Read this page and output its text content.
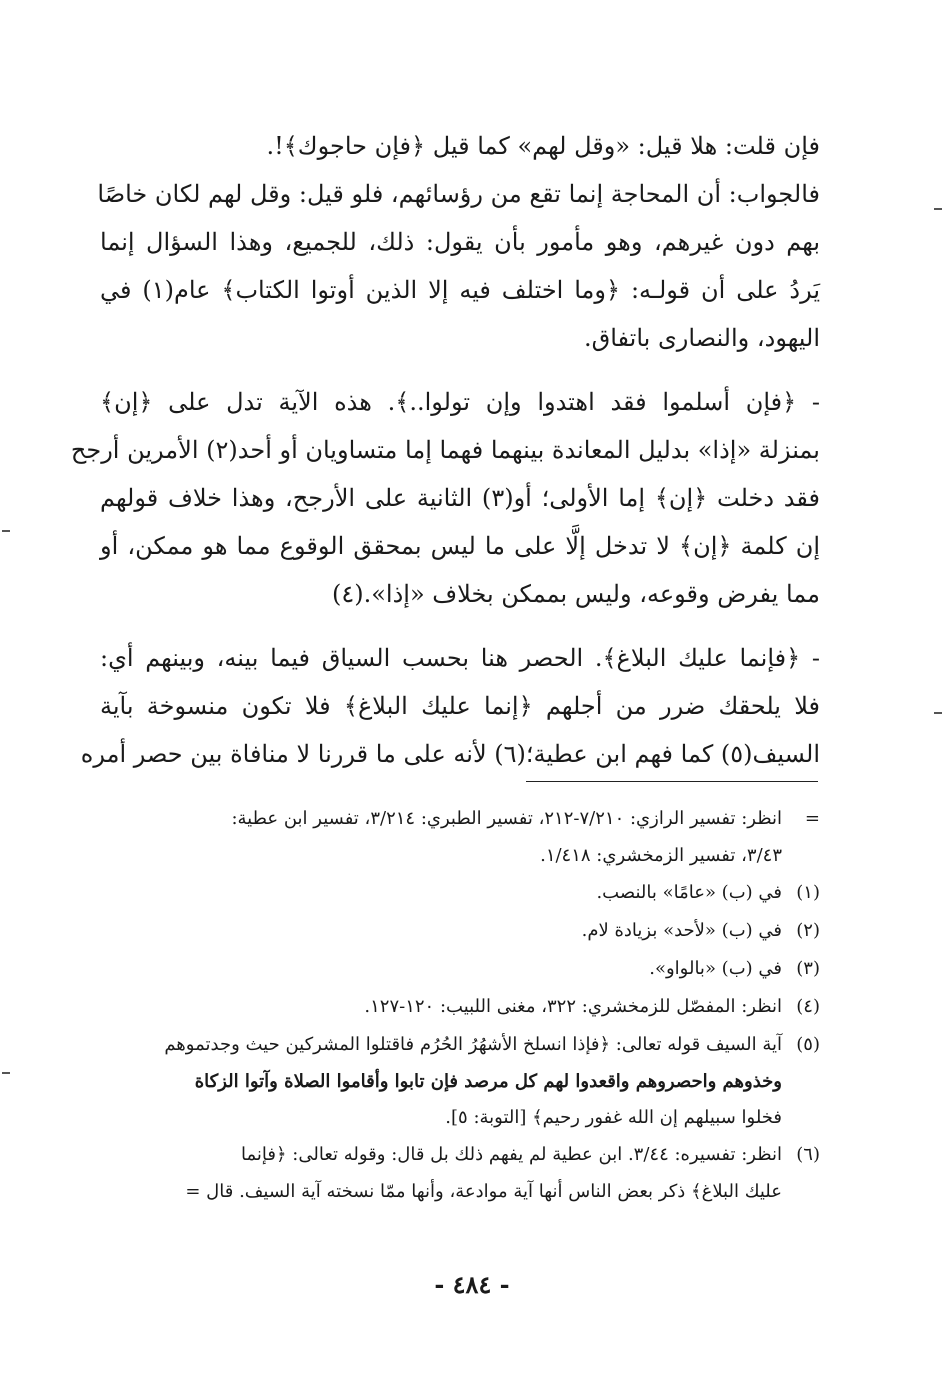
فإن قلت: هلا قيل: «وقل لهم» كما قيل ﴿فإن حاجوك﴾!.
فالجواب: أن المحاجة إنما تقع من رؤسائهم، فلو قيل: وقل لهم لكان خاصًا
بهم دون غيرهم، وهو مأمور بأن يقول: ذلك، للجميع، وهذا السؤال إنما
يَردُ على أن قولـه: ﴿وما اختلف فيه إلا الذين أوتوا الكتاب﴾ عام(١) في
اليهود، والنصارى باتفاق.
- ﴿فإن أسلموا فقد اهتدوا وإن تولوا..﴾. هذه الآية تدل على ﴿إن﴾
بمنزلة «إذا» بدليل المعاندة بينهما فهما إما متساويان أو أحد(٢) الأمرين أرجح
فقد دخلت ﴿إن﴾ إما الأولى؛ أو(٣) الثانية على الأرجح، وهذا خلاف قولهم
إن كلمة ﴿إن﴾ لا تدخل إلَّا على ما ليس بمحقق الوقوع مما هو ممكن، أو
مما يفرض وقوعه، وليس بممكن بخلاف «إذا».(٤)
- ﴿فإنما عليك البلاغ﴾. الحصر هنا بحسب السياق فيما بينه، وبينهم أي:
فلا يلحقك ضرر من أجلهم ﴿إنما عليك البلاغ﴾ فلا تكون منسوخة بآية
السيف(٥) كما فهم ابن عطية؛(٦) لأنه على ما قررنا لا منافاة بين حصر أمره
=
انظر: تفسير الرازي: ٧/٢١٠-٢١٢، تفسير الطبري: ٣/٢١٤، تفسير ابن عطية:
٣/٤٣، تفسير الزمخشري: ١/٤١٨.
(١)
في (ب) «عامًا» بالنصب.
(٢)
في (ب) «لأحد» بزيادة لام.
(٣)
في (ب) «بالواو».
(٤)
انظر: المفصّل للزمخشري: ٣٢٢، مغنى اللبيب: ١٢٠-١٢٧.
(٥)
آية السيف قوله تعالى: ﴿فإذا انسلخ الأشهُرُ الحُرُم فاقتلوا المشركين حيث وجدتموهم
وخذوهم واحصروهم واقعدوا لهم كل مرصد فإن تابوا وأقاموا الصلاة وآتوا الزكاة
فخلوا سبيلهم إن الله غفور رحيم﴾ [التوبة: ٥].
(٦)
انظر: تفسيره: ٣/٤٤. ابن عطية لم يفهم ذلك بل قال: وقوله تعالى: ﴿فإنما
عليك البلاغ﴾ ذكر بعض الناس أنها آية موادعة، وأنها ممّا نسخته آية السيف. قال =
- ٤٨٤ -
